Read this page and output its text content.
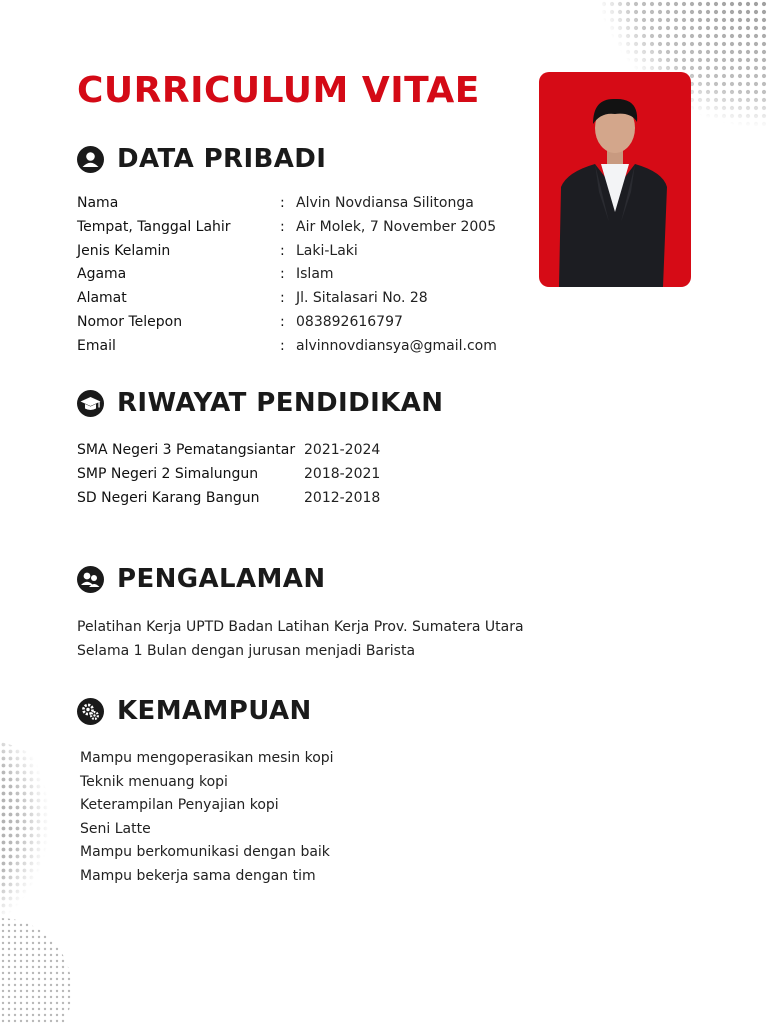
CURRICULUM VITAE
DATA PRIBADI
Nama	: Alvin Novdiansa Silitonga
Tempat, Tanggal Lahir	: Air Molek, 7 November 2005
Jenis Kelamin	: Laki-Laki
Agama	: Islam
Alamat	: Jl. Sitalasari No. 28
Nomor Telepon	: 083892616797
Email	: alvinnovdiansya@gmail.com
RIWAYAT PENDIDIKAN
SMA Negeri 3 Pematangsiantar 2021-2024
SMP Negeri 2 Simalungun	2018-2021
SD Negeri Karang Bangun	2012-2018
PENGALAMAN
Pelatihan Kerja UPTD Badan Latihan Kerja Prov. Sumatera Utara
Selama 1 Bulan dengan jurusan menjadi Barista
KEMAMPUAN
Mampu mengoperasikan mesin kopi
Teknik menuang kopi
Keterampilan Penyajian kopi
Seni Latte
Mampu berkomunikasi dengan baik
Mampu bekerja sama dengan tim
